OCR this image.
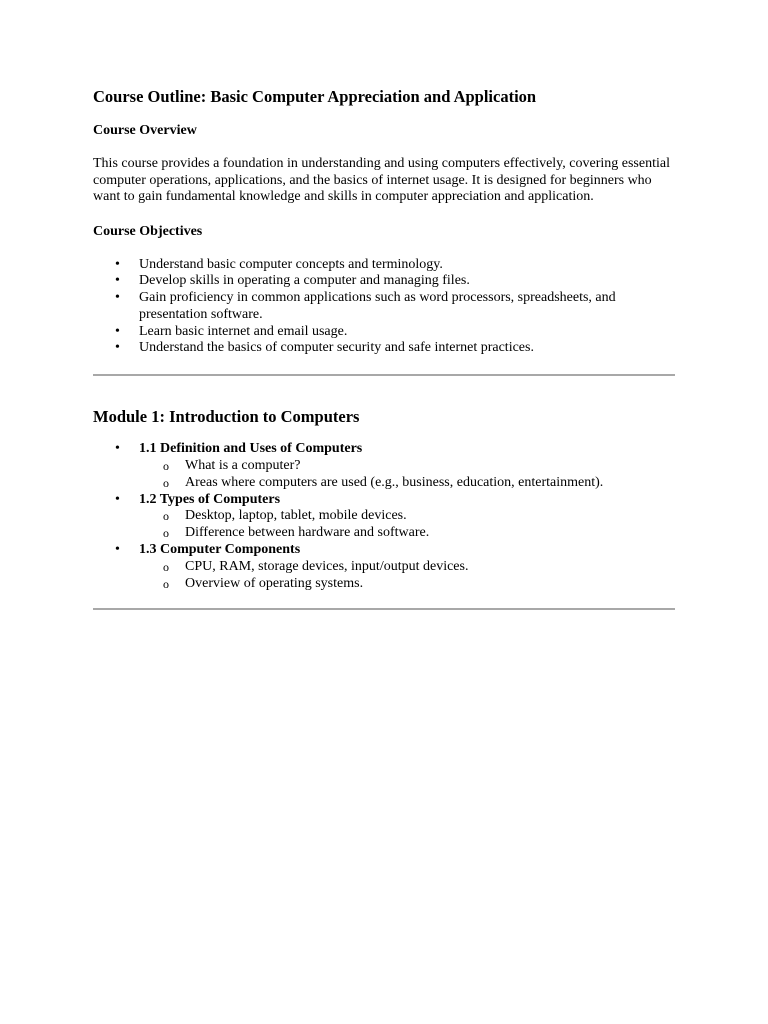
Course Outline: Basic Computer Appreciation and Application
Course Overview

This course provides a foundation in understanding and using computers effectively, covering essential computer operations, applications, and the basics of internet usage. It is designed for beginners who want to gain fundamental knowledge and skills in computer appreciation and application.

Course Objectives
• Understand basic computer concepts and terminology.
• Develop skills in operating a computer and managing files.
• Gain proficiency in common applications such as word processors, spreadsheets, and presentation software.
• Learn basic internet and email usage.
• Understand the basics of computer security and safe internet practices.
Module 1: Introduction to Computers
• 1.1 Definition and Uses of Computers
o What is a computer?
o Areas where computers are used (e.g., business, education, entertainment).
• 1.2 Types of Computers
o Desktop, laptop, tablet, mobile devices.
o Difference between hardware and software.
• 1.3 Computer Components
o CPU, RAM, storage devices, input/output devices.
o Overview of operating systems.
